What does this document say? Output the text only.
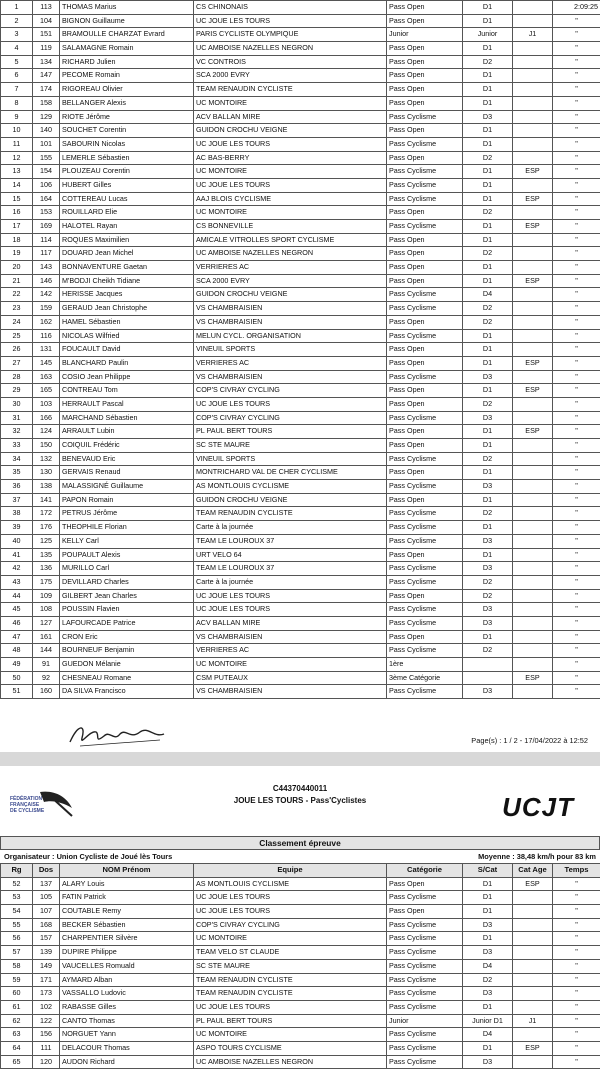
1	113	THOMAS Marius	CS CHINONAIS	Pass Open	D1		2:09:25
2	104	BIGNON Guillaume	UC JOUE LES TOURS	Pass Open	D1		"
3	151	BRAMOULLE CHARZAT Evrard	PARIS CYCLISTE OLYMPIQUE	Junior	Junior	J1	"
4	119	SALAMAGNE Romain	UC AMBOISE NAZELLES NEGRON	Pass Open	D1		"
5	134	RICHARD Julien	VC CONTROIS	Pass Open	D2		"
6	147	PECOME Romain	SCA 2000 EVRY	Pass Open	D1		"
7	174	RIGOREAU Olivier	TEAM RENAUDIN CYCLISTE	Pass Open	D1		"
8	158	BELLANGER Alexis	UC MONTOIRE	Pass Open	D1		"
9	129	RIOTE Jérôme	ACV BALLAN MIRE	Pass Cyclisme	D3		"
10	140	SOUCHET Corentin	GUIDON CROCHU VEIGNE	Pass Open	D1		"
11	101	SABOURIN Nicolas	UC JOUE LES TOURS	Pass Cyclisme	D1		"
12	155	LEMERLE Sébastien	AC BAS-BERRY	Pass Open	D2		"
13	154	PLOUZEAU Corentin	UC MONTOIRE	Pass Cyclisme	D1	ESP	"
14	106	HUBERT Gilles	UC JOUE LES TOURS	Pass Cyclisme	D1		"
15	164	COTTEREAU Lucas	AAJ BLOIS CYCLISME	Pass Cyclisme	D1	ESP	"
16	153	ROUILLARD Elie	UC MONTOIRE	Pass Open	D2		"
17	169	HALOTEL Rayan	CS BONNEVILLE	Pass Cyclisme	D1	ESP	"
18	114	ROQUES Maximilien	AMICALE VITROLLES SPORT CYCLISME	Pass Open	D1		"
19	117	DOUARD Jean Michel	UC AMBOISE NAZELLES NEGRON	Pass Open	D2		"
20	143	BONNAVENTURE Gaetan	VERRIERES AC	Pass Open	D1		"
21	146	M'BODJI Cheikh Tidiane	SCA 2000 EVRY	Pass Open	D1	ESP	"
22	142	HERISSE Jacques	GUIDON CROCHU VEIGNE	Pass Cyclisme	D4		"
23	159	GERAUD Jean Christophe	VS CHAMBRAISIEN	Pass Cyclisme	D2		"
24	162	HAMEL Sébastien	VS CHAMBRAISIEN	Pass Open	D2		"
25	116	NICOLAS Wilfried	MELUN CYCL. ORGANISATION	Pass Cyclisme	D1		"
26	131	FOUCAULT David	VINEUIL SPORTS	Pass Open	D1		"
27	145	BLANCHARD Paulin	VERRIERES AC	Pass Open	D1	ESP	"
28	163	COSIO Jean Philippe	VS CHAMBRAISIEN	Pass Cyclisme	D3		"
29	165	CONTREAU Tom	COP'S CIVRAY CYCLING	Pass Open	D1	ESP	"
30	103	HERRAULT Pascal	UC JOUE LES TOURS	Pass Open	D2		"
31	166	MARCHAND Sébastien	COP'S CIVRAY CYCLING	Pass Cyclisme	D3		"
32	124	ARRAULT Lubin	PL PAUL BERT TOURS	Pass Open	D1	ESP	"
33	150	COIQUIL Frédéric	SC STE MAURE	Pass Open	D1		"
34	132	BENEVAUD Eric	VINEUIL SPORTS	Pass Cyclisme	D2		"
35	130	GERVAIS Renaud	MONTRICHARD VAL DE CHER CYCLISME	Pass Open	D1		"
36	138	MALASSIGNÉ Guillaume	AS MONTLOUIS CYCLISME	Pass Cyclisme	D3		"
37	141	PAPON Romain	GUIDON CROCHU VEIGNE	Pass Open	D1		"
38	172	PETRUS Jérôme	TEAM RENAUDIN CYCLISTE	Pass Cyclisme	D2		"
39	176	THEOPHILE Florian	Carte à la journée	Pass Cyclisme	D1		"
40	125	KELLY Carl	TEAM LE LOUROUX 37	Pass Cyclisme	D3		"
41	135	POUPAULT Alexis	URT VELO 64	Pass Open	D1		"
42	136	MURILLO Carl	TEAM LE LOUROUX 37	Pass Cyclisme	D3		"
43	175	DEVILLARD Charles	Carte à la journée	Pass Cyclisme	D2		"
44	109	GILBERT Jean Charles	UC JOUE LES TOURS	Pass Open	D2		"
45	108	POUSSIN Flavien	UC JOUE LES TOURS	Pass Cyclisme	D3		"
46	127	LAFOURCADE Patrice	ACV BALLAN MIRE	Pass Cyclisme	D3		"
47	161	CRON Eric	VS CHAMBRAISIEN	Pass Open	D1		"
48	144	BOURNEUF Benjamin	VERRIERES AC	Pass Cyclisme	D2		"
49	91	GUEDON Mélanie	UC MONTOIRE	1ère			"
50	92	CHESNEAU Romane	CSM PUTEAUX	3ème Catégorie		ESP	"
51	160	DA SILVA Francisco	VS CHAMBRAISIEN	Pass Cyclisme	D3		"
Page(s) : 1 / 2 - 17/04/2022 à 12:52
FÉDÉRATION
FRANÇAISE
DE CYCLISME
C44370440011
JOUE LES TOURS - Pass'Cyclistes	UCJT
Classement épreuve
Organisateur : Union Cycliste de Joué lès Tours	Moyenne : 38,48 km/h pour 83 km
Rg	Dos	NOM Prénom	Equipe	Catégorie	S/Cat	Cat Age	Temps
52	137	ALARY Louis	AS MONTLOUIS CYCLISME	Pass Open	D1	ESP	"
53	105	FATIN Patrick	UC JOUE LES TOURS	Pass Cyclisme	D1		"
54	107	COUTABLE Remy	UC JOUE LES TOURS	Pass Open	D1		"
55	168	BECKER Sébastien	COP'S CIVRAY CYCLING	Pass Cyclisme	D3		"
56	157	CHARPENTIER Silvère	UC MONTOIRE	Pass Cyclisme	D1		"
57	139	DUPIRE Philippe	TEAM VELO ST CLAUDE	Pass Cyclisme	D3		"
58	149	VAUCELLES Romuald	SC STE MAURE	Pass Cyclisme	D4		"
59	171	AYMARD Alban	TEAM RENAUDIN CYCLISTE	Pass Cyclisme	D2		"
60	173	VASSALLO Ludovic	TEAM RENAUDIN CYCLISTE	Pass Cyclisme	D3		"
61	102	RABASSE Gilles	UC JOUE LES TOURS	Pass Cyclisme	D1		"
62	122	CANTO Thomas	PL PAUL BERT TOURS	Junior	Junior D1	J1	"
63	156	NORGUET Yann	UC MONTOIRE	Pass Cyclisme	D4		"
64	111	DELACOUR Thomas	ASPO TOURS CYCLISME	Pass Cyclisme	D1	ESP	"
65	120	AUDON Richard	UC AMBOISE NAZELLES NEGRON	Pass Cyclisme	D3		"
